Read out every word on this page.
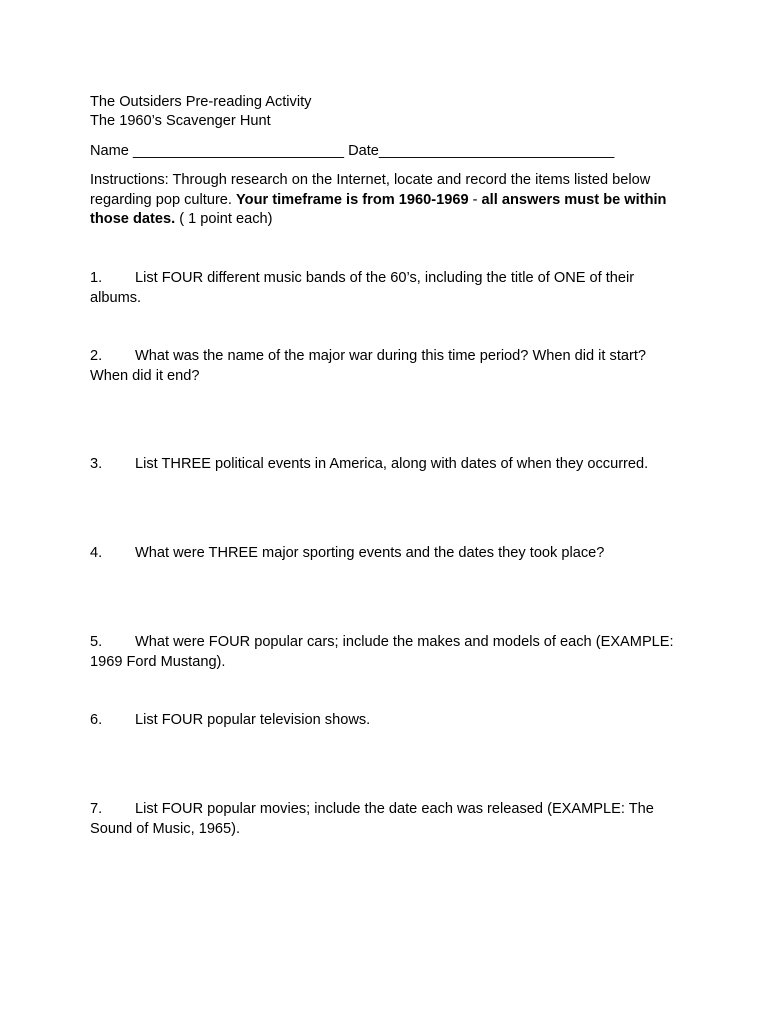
The Outsiders Pre-reading Activity
The 1960’s Scavenger Hunt
Name __________________________ Date_____________________________
Instructions: Through research on the Internet, locate and record the items listed below regarding pop culture. Your timeframe is from 1960-1969 - all answers must be within those dates. ( 1 point each)
1. List FOUR different music bands of the 60’s, including the title of ONE of their albums.
2. What was the name of the major war during this time period? When did it start? When did it end?
3. List THREE political events in America, along with dates of when they occurred.
4. What were THREE major sporting events and the dates they took place?
5. What were FOUR popular cars; include the makes and models of each (EXAMPLE: 1969 Ford Mustang).
6. List FOUR popular television shows.
7. List FOUR popular movies; include the date each was released (EXAMPLE: The Sound of Music, 1965).
